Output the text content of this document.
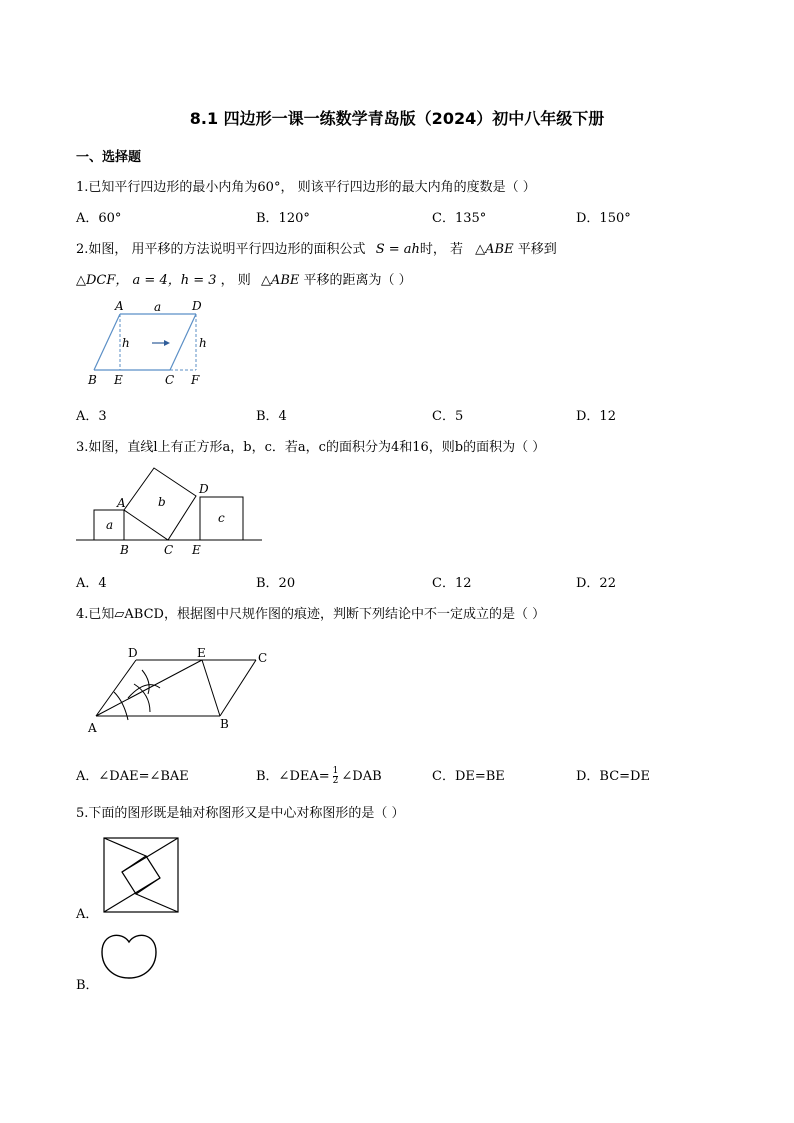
8.1 四边形一课一练数学青岛版（2024）初中八年级下册
一、选择题
1.已知平行四边形的最小内角为60°， 则该平行四边形的最大内角的度数是（ ）
A．60°	B．120°	C．135°	D．150°
2.如图， 用平移的方法说明平行四边形的面积公式 S = ah时， 若 △ABE 平移到
△DCF， a = 4，h = 3 ， 则 △ABE 平移的距离为（ ）
A	a	D
h	h
B E	C F
A．3	B．4	C．5	D．12
3.如图，直线l上有正方形a，b，c．若a，c的面积分为4和16，则b的面积为（ ）
A
a
b
D
c
B	C E
A．4	B．20	C．12	D．22
4.已知▱ABCD，根据图中尺规作图的痕迹，判断下列结论中不一定成立的是（ ）
D	E	C
A	B
A．∠DAE=∠BAE	B．∠DEA= $\frac{1}{2}$ ∠DAB	C．DE=BE	D．BC=DE
5.下面的图形既是轴对称图形又是中心对称图形的是（ ）
A．
B．
